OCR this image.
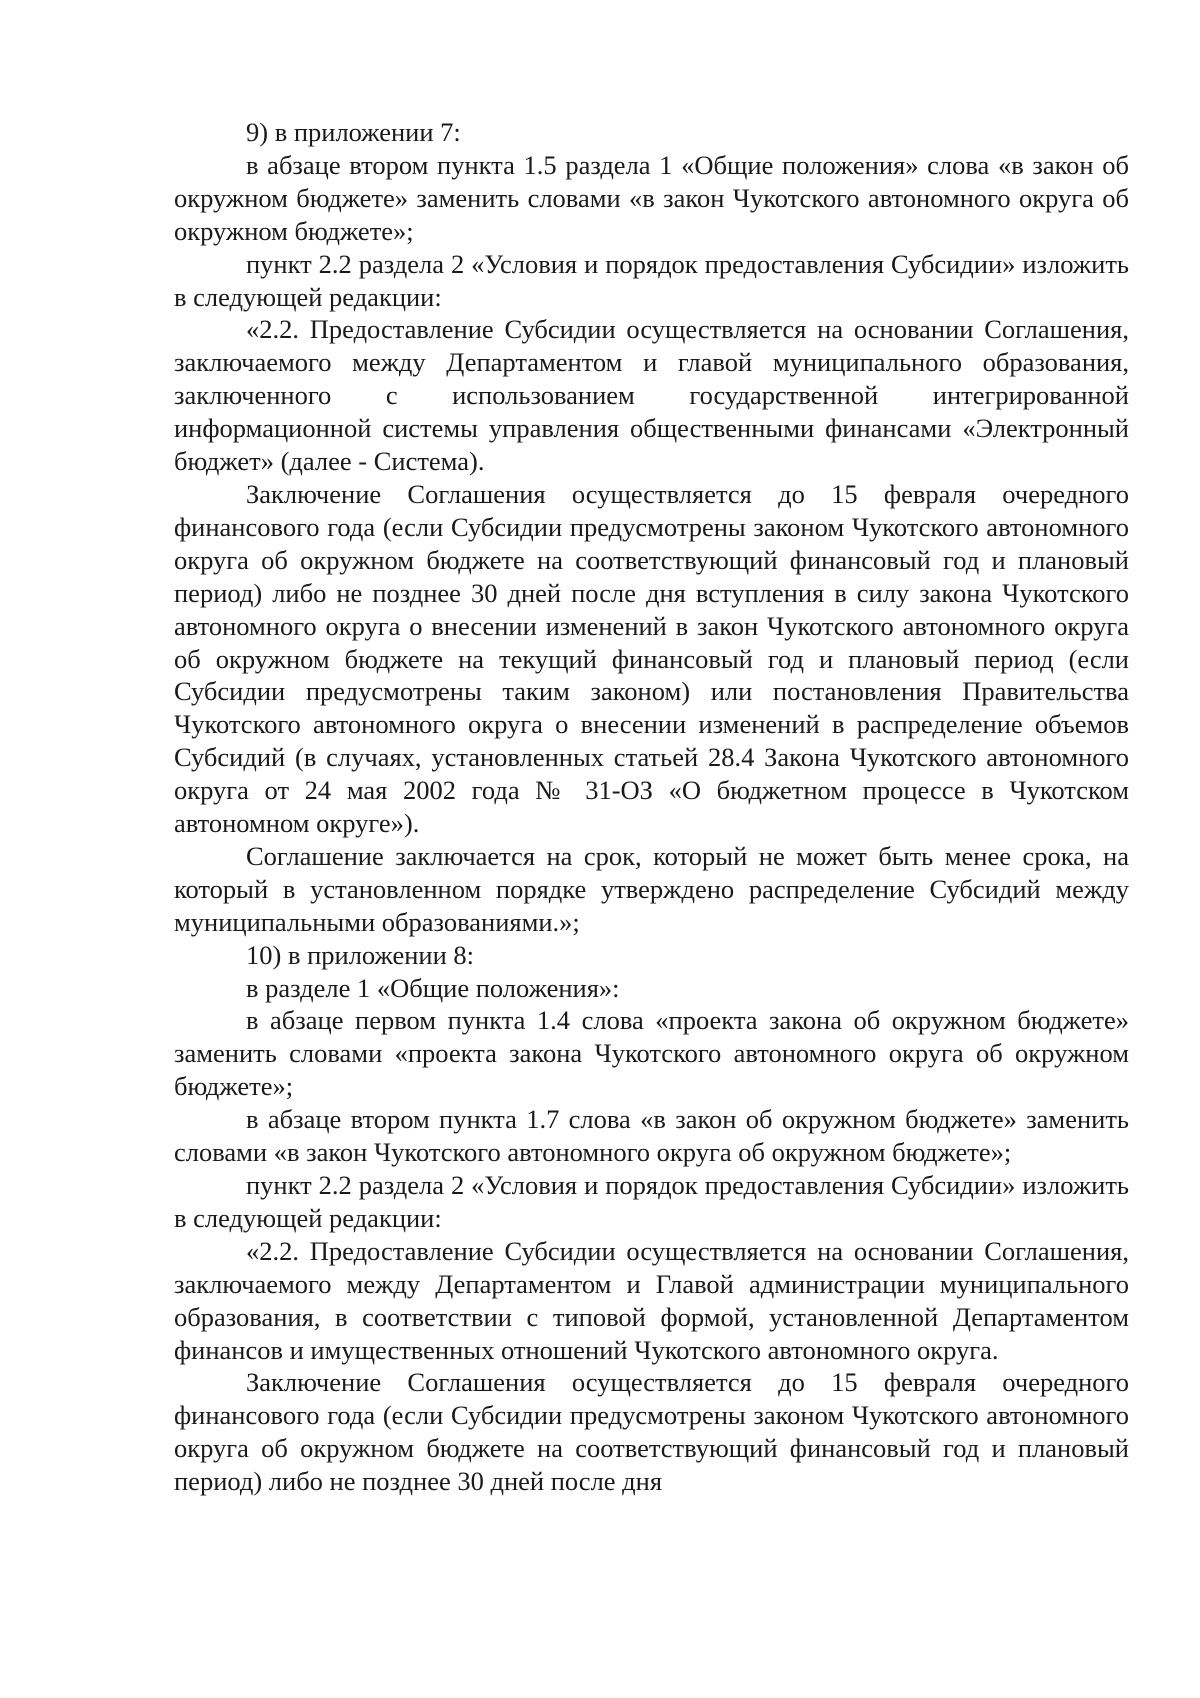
9) в приложении 7:

в абзаце втором пункта 1.5 раздела 1 «Общие положения» слова «в закон об окружном бюджете» заменить словами «в закон Чукотского автономного округа об окружном бюджете»;

пункт 2.2 раздела 2 «Условия и порядок предоставления Субсидии» изложить в следующей редакции:

«2.2. Предоставление Субсидии осуществляется на основании Соглашения, заключаемого между Департаментом и главой муниципального образования, заключенного с использованием государственной интегрированной информационной системы управления общественными финансами «Электронный бюджет» (далее - Система).

Заключение Соглашения осуществляется до 15 февраля очередного финансового года (если Субсидии предусмотрены законом Чукотского автономного округа об окружном бюджете на соответствующий финансовый год и плановый период) либо не позднее 30 дней после дня вступления в силу закона Чукотского автономного округа о внесении изменений в закон Чукотского автономного округа об окружном бюджете на текущий финансовый год и плановый период (если Субсидии предусмотрены таким законом) или постановления Правительства Чукотского автономного округа о внесении изменений в распределение объемов Субсидий (в случаях, установленных статьей 28.4 Закона Чукотского автономного округа от 24 мая 2002 года № 31-ОЗ «О бюджетном процессе в Чукотском автономном округе»).

Соглашение заключается на срок, который не может быть менее срока, на который в установленном порядке утверждено распределение Субсидий между муниципальными образованиями.»;

10) в приложении 8:

в разделе 1 «Общие положения»:

в абзаце первом пункта 1.4 слова «проекта закона об окружном бюджете» заменить словами «проекта закона Чукотского автономного округа об окружном бюджете»;

в абзаце втором пункта 1.7 слова «в закон об окружном бюджете» заменить словами «в закон Чукотского автономного округа об окружном бюджете»;

пункт 2.2 раздела 2 «Условия и порядок предоставления Субсидии» изложить в следующей редакции:

«2.2. Предоставление Субсидии осуществляется на основании Соглашения, заключаемого между Департаментом и Главой администрации муниципального образования, в соответствии с типовой формой, установленной Департаментом финансов и имущественных отношений Чукотского автономного округа.

Заключение Соглашения осуществляется до 15 февраля очередного финансового года (если Субсидии предусмотрены законом Чукотского автономного округа об окружном бюджете на соответствующий финансовый год и плановый период) либо не позднее 30 дней после дня
